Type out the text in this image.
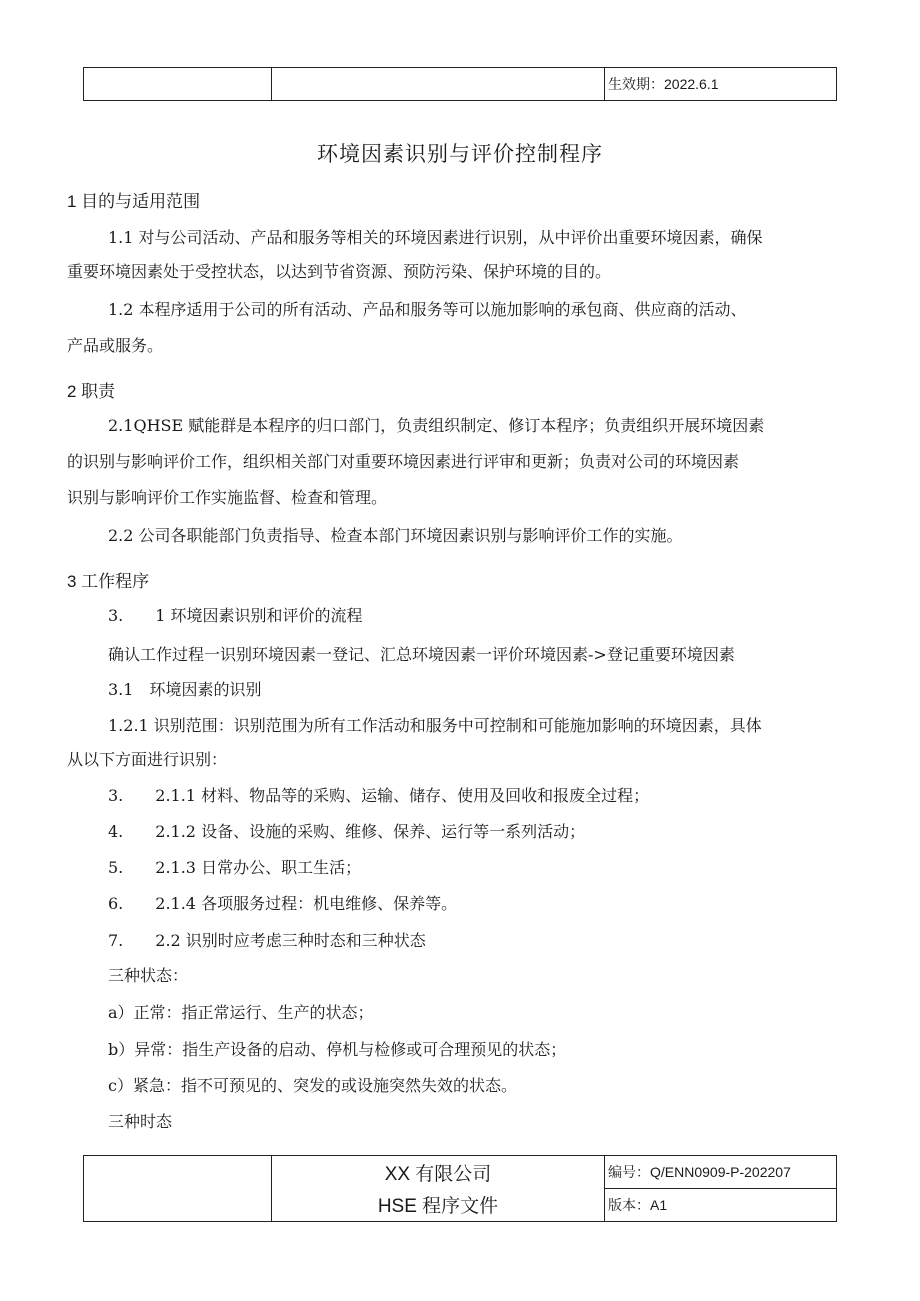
生效期：2022.6.1
环境因素识别与评价控制程序
1 目的与适用范围
1.1 对与公司活动、产品和服务等相关的环境因素进行识别，从中评价出重要环境因素，确保
重要环境因素处于受控状态，以达到节省资源、预防污染、保护环境的目的。
1.2 本程序适用于公司的所有活动、产品和服务等可以施加影响的承包商、供应商的活动、
产品或服务。
2 职责
2.1QHSE 赋能群是本程序的归口部门，负责组织制定、修订本程序；负责组织开展环境因素
的识别与影响评价工作，组织相关部门对重要环境因素进行评审和更新；负责对公司的环境因素
识别与影响评价工作实施监督、检查和管理。
2.2 公司各职能部门负责指导、检查本部门环境因素识别与影响评价工作的实施。
3 工作程序
3.　　1 环境因素识别和评价的流程
确认工作过程一识别环境因素一登记、汇总环境因素一评价环境因素->登记重要环境因素
3.1　环境因素的识别
1.2.1 识别范围：识别范围为所有工作活动和服务中可控制和可能施加影响的环境因素，具体
从以下方面进行识别：
3.　　2.1.1 材料、物品等的采购、运输、储存、使用及回收和报废全过程；
4.　　2.1.2 设备、设施的采购、维修、保养、运行等一系列活动；
5.　　2.1.3 日常办公、职工生活；
6.　　2.1.4 各项服务过程：机电维修、保养等。
7.　　2.2 识别时应考虑三种时态和三种状态
三种状态：
a）正常：指正常运行、生产的状态；
b）异常：指生产设备的启动、停机与检修或可合理预见的状态；
c）紧急：指不可预见的、突发的或设施突然失效的状态。
三种时态
XX 有限公司
HSE 程序文件
编号：Q/ENN0909-P-202207
版本：A1
